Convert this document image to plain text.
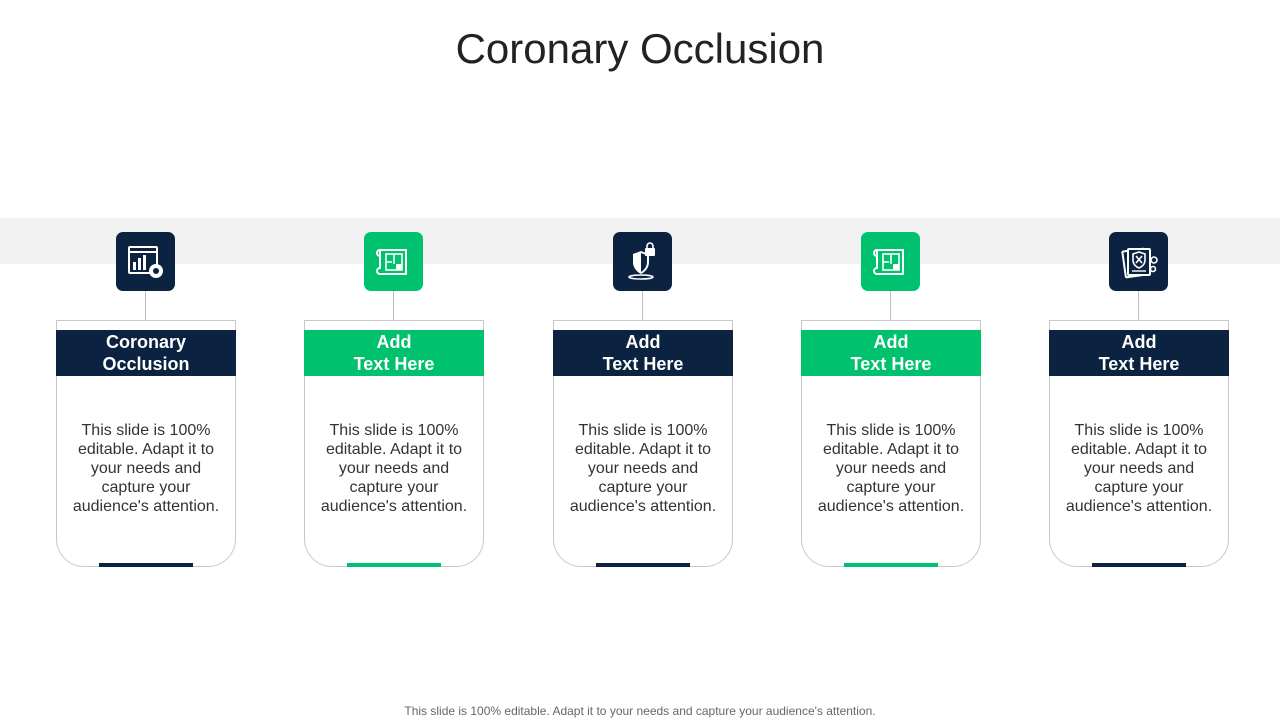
Coronary Occlusion
Coronary
Occlusion
This slide is 100% editable. Adapt it to your needs and capture your audience's attention.
Add
Text Here
This slide is 100% editable. Adapt it to your needs and capture your audience's attention.
Add
Text Here
This slide is 100% editable. Adapt it to your needs and capture your audience's attention.
Add
Text Here
This slide is 100% editable. Adapt it to your needs and capture your audience's attention.
Add
Text Here
This slide is 100% editable. Adapt it to your needs and capture your audience's attention.
This slide is 100% editable. Adapt it to your needs and capture your audience's attention.
